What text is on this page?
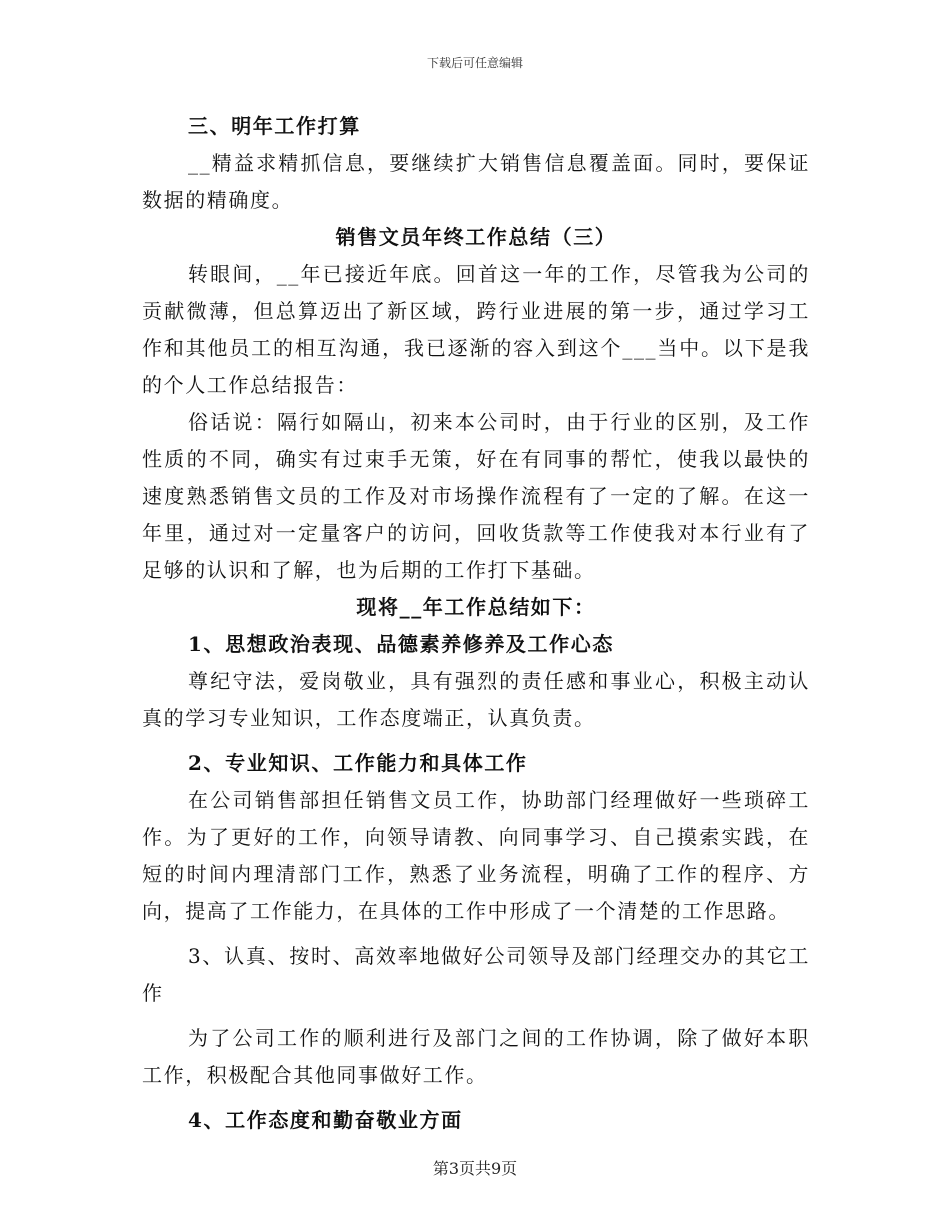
下载后可任意编辑

三、明年工作打算

__精益求精抓信息，要继续扩大销售信息覆盖面。同时，要保证数据的精确度。

销售文员年终工作总结（三）

转眼间，__年已接近年底。回首这一年的工作，尽管我为公司的贡献微薄，但总算迈出了新区域，跨行业进展的第一步，通过学习工作和其他员工的相互沟通，我已逐渐的容入到这个___当中。以下是我的个人工作总结报告：

俗话说：隔行如隔山，初来本公司时，由于行业的区别，及工作性质的不同，确实有过束手无策，好在有同事的帮忙，使我以最快的速度熟悉销售文员的工作及对市场操作流程有了一定的了解。在这一年里，通过对一定量客户的访问，回收货款等工作使我对本行业有了足够的认识和了解，也为后期的工作打下基础。

现将__年工作总结如下：

1、思想政治表现、品德素养修养及工作心态

尊纪守法，爱岗敬业，具有强烈的责任感和事业心，积极主动认真的学习专业知识，工作态度端正，认真负责。

2、专业知识、工作能力和具体工作

在公司销售部担任销售文员工作，协助部门经理做好一些琐碎工作。为了更好的工作，向领导请教、向同事学习、自己摸索实践，在短的时间内理清部门工作，熟悉了业务流程，明确了工作的程序、方向，提高了工作能力，在具体的工作中形成了一个清楚的工作思路。

3、认真、按时、高效率地做好公司领导及部门经理交办的其它工作

为了公司工作的顺利进行及部门之间的工作协调，除了做好本职工作，积极配合其他同事做好工作。

4、工作态度和勤奋敬业方面

第3页共9页
